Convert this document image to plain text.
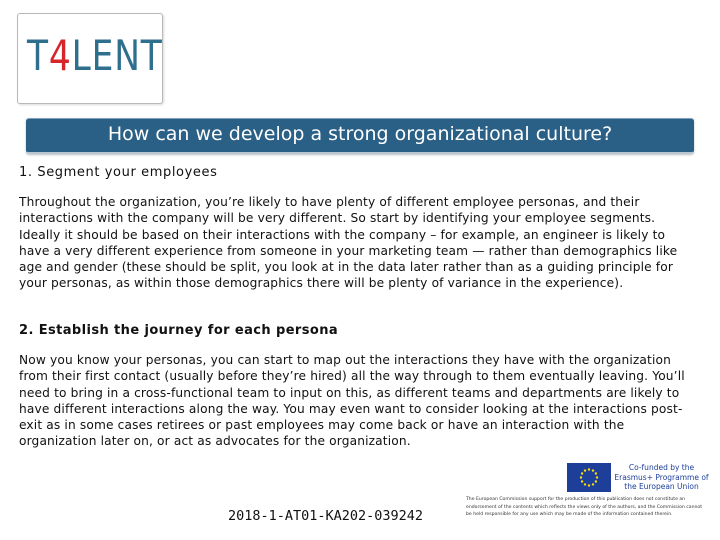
T4LENT
How can we develop a strong organizational culture?
1. Segment your employees
Throughout the organization, you’re likely to have plenty of different employee personas, and their interactions with the company will be very different. So start by identifying your employee segments. Ideally it should be based on their interactions with the company – for example, an engineer is likely to have a very different experience from someone in your marketing team — rather than demographics like age and gender (these should be split, you look at in the data later rather than as a guiding principle for your personas, as within those demographics there will be plenty of variance in the experience).
2. Establish the journey for each persona
Now you know your personas, you can start to map out the interactions they have with the organization from their first contact (usually before they’re hired) all the way through to them eventually leaving. You’ll need to bring in a cross-functional team to input on this, as different teams and departments are likely to have different interactions along the way. You may even want to consider looking at the interactions post-exit as in some cases retirees or past employees may come back or have an interaction with the organization later on, or act as advocates for the organization.
Co-funded by the Erasmus+ Programme of the European Union
2018-1-AT01-KA202-039242
The European Commission support for the production of this publication does not constitute an endorsement of the contents which reflects the views only of the authors, and the Commission cannot be held responsible for any use which may be made of the information contained therein.
